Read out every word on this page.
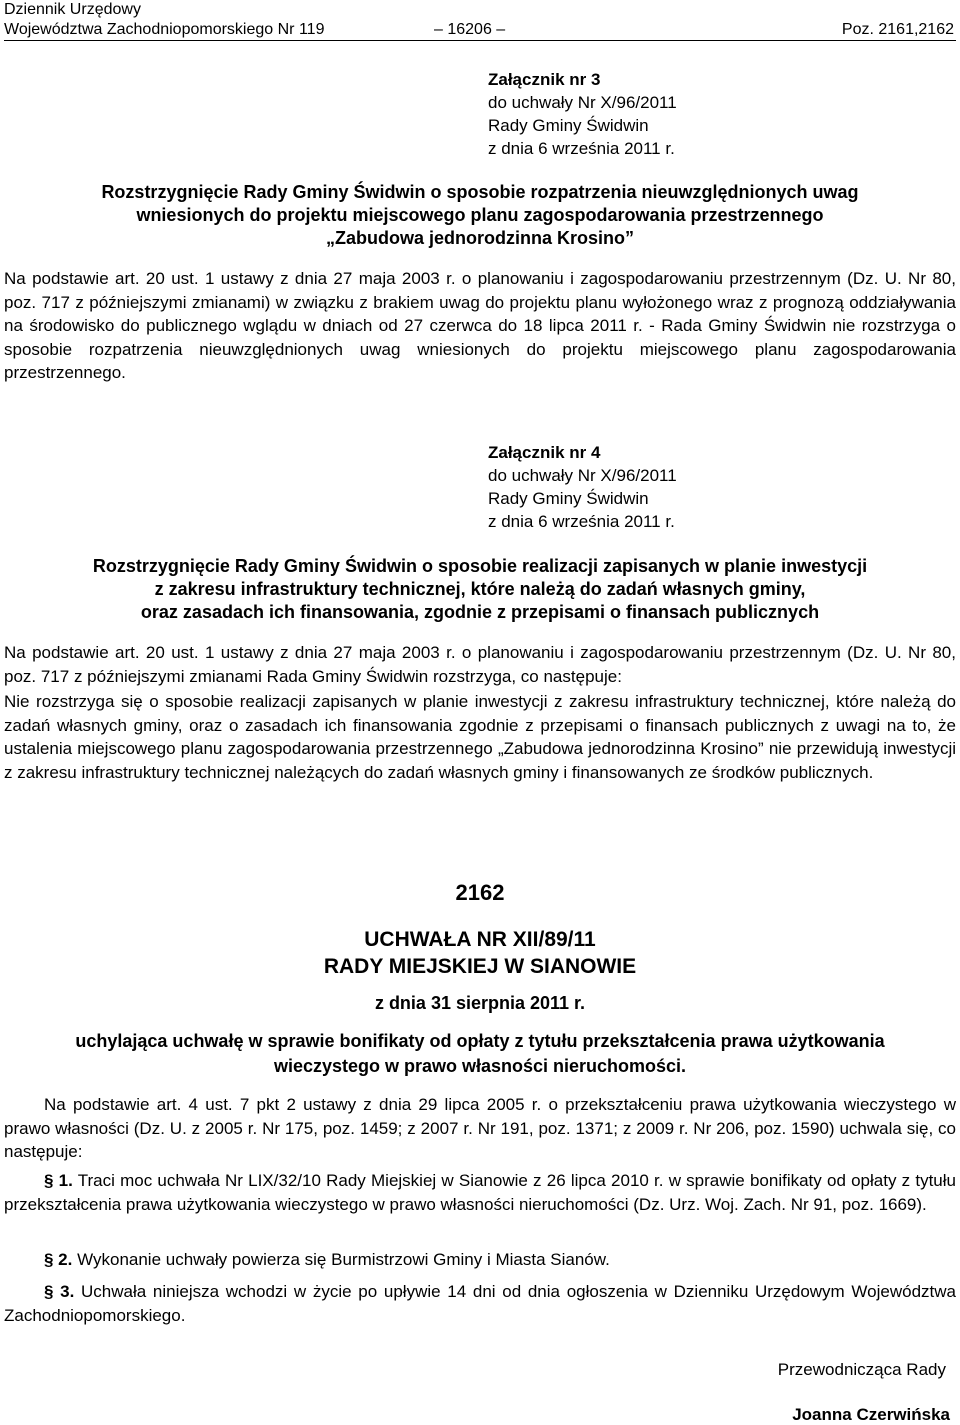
Dziennik Urzędowy
Województwa Zachodniopomorskiego Nr 119	– 16206 –	Poz. 2161,2162
Załącznik nr 3
do uchwały Nr X/96/2011
Rady Gminy Świdwin
z dnia 6 września 2011 r.
Rozstrzygnięcie Rady Gminy Świdwin o sposobie rozpatrzenia nieuwzględnionych uwag
wniesionych do projektu miejscowego planu zagospodarowania przestrzennego
„Zabudowa jednorodzinna Krosino”
Na podstawie art. 20 ust. 1 ustawy z dnia 27 maja 2003 r. o planowaniu i zagospodarowaniu przestrzennym (Dz. U. Nr 80, poz. 717 z późniejszymi zmianami) w związku z brakiem uwag do projektu planu wyłożonego wraz z prognozą oddziaływania na środowisko do publicznego wglądu w dniach od 27 czerwca do 18 lipca 2011 r. - Rada Gminy Świdwin nie rozstrzyga o sposobie rozpatrzenia nieuwzględnionych uwag wniesionych do projektu miejscowego planu zagospodarowania przestrzennego.
Załącznik nr 4
do uchwały Nr X/96/2011
Rady Gminy Świdwin
z dnia 6 września 2011 r.
Rozstrzygnięcie Rady Gminy Świdwin o sposobie realizacji zapisanych w planie inwestycji
z zakresu infrastruktury technicznej, które należą do zadań własnych gminy,
oraz zasadach ich finansowania, zgodnie z przepisami o finansach publicznych
Na podstawie art. 20 ust. 1 ustawy z dnia 27 maja 2003 r. o planowaniu i zagospodarowaniu przestrzennym (Dz. U. Nr 80, poz. 717 z późniejszymi zmianami Rada Gminy Świdwin rozstrzyga, co następuje:
Nie rozstrzyga się o sposobie realizacji zapisanych w planie inwestycji z zakresu infrastruktury technicznej, które należą do zadań własnych gminy, oraz o zasadach ich finansowania zgodnie z przepisami o finansach publicznych z uwagi na to, że ustalenia miejscowego planu zagospodarowania przestrzennego „Zabudowa jednorodzinna Krosino” nie przewidują inwestycji z zakresu infrastruktury technicznej należących do zadań własnych gminy i finansowanych ze środków publicznych.
2162
UCHWAŁA NR XII/89/11
RADY MIEJSKIEJ W SIANOWIE
z dnia 31 sierpnia 2011 r.
uchylająca uchwałę w sprawie bonifikaty od opłaty z tytułu przekształcenia prawa użytkowania
wieczystego w prawo własności nieruchomości.
Na podstawie art. 4 ust. 7 pkt 2 ustawy z dnia 29 lipca 2005 r. o przekształceniu prawa użytkowania wieczystego w prawo własności (Dz. U. z 2005 r. Nr 175, poz. 1459; z 2007 r. Nr 191, poz. 1371; z 2009 r. Nr 206, poz. 1590) uchwala się, co następuje:
§ 1. Traci moc uchwała Nr LIX/32/10 Rady Miejskiej w Sianowie z 26 lipca 2010 r. w sprawie bonifikaty od opłaty z tytułu przekształcenia prawa użytkowania wieczystego w prawo własności nieruchomości (Dz. Urz. Woj. Zach. Nr 91, poz. 1669).
§ 2. Wykonanie uchwały powierza się Burmistrzowi Gminy i Miasta Sianów.
§ 3. Uchwała niniejsza wchodzi w życie po upływie 14 dni od dnia ogłoszenia w Dzienniku Urzędowym Województwa Zachodniopomorskiego.
Przewodnicząca Rady
Joanna Czerwińska
